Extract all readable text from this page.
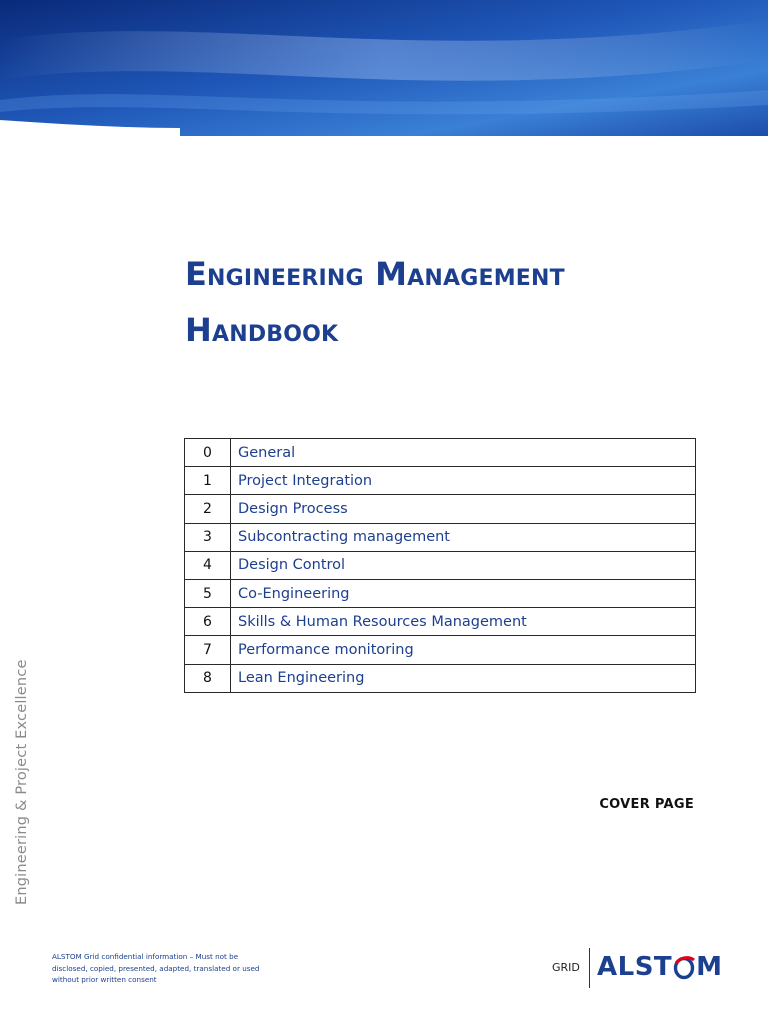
Engineering Management
Handbook
0	General
1	Project Integration
2	Design Process
3	Subcontracting management
4	Design Control
5	Co-Engineering
6	Skills & Human Resources Management
7	Performance monitoring
8	Lean Engineering
COVER PAGE
Engineering & Project Excellence
ALSTOM Grid confidential information – Must not be disclosed, copied, presented, adapted, translated or used without prior written consent
GRID ALST M
